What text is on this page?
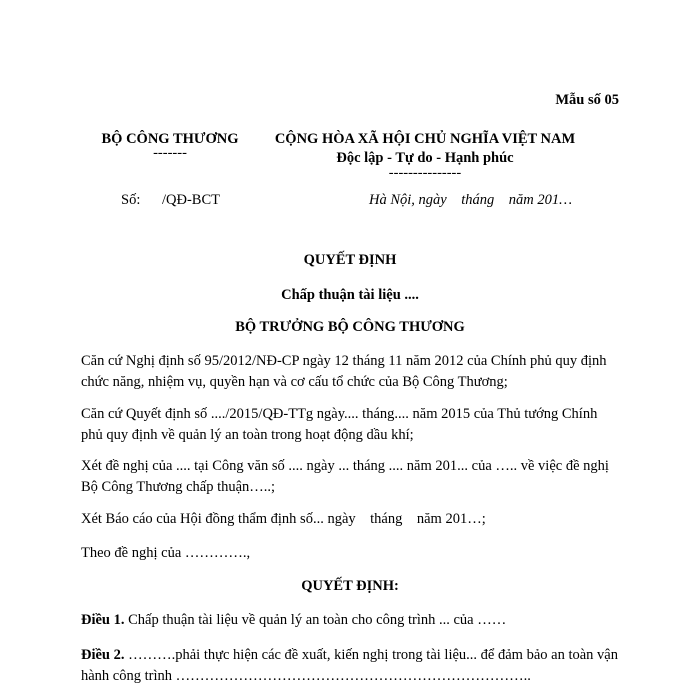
Mẫu số 05
BỘ CÔNG THƯƠNG
-------
CỘNG HÒA XÃ HỘI CHỦ NGHĨA VIỆT NAM
Độc lập - Tự do - Hạnh phúc
---------------
Số: /QĐ-BCT	Hà Nội, ngày    tháng    năm 201…
QUYẾT ĐỊNH
Chấp thuận tài liệu ....
BỘ TRƯỞNG BỘ CÔNG THƯƠNG
Căn cứ Nghị định số 95/2012/NĐ-CP ngày 12 tháng 11 năm 2012 của Chính phủ quy định chức năng, nhiệm vụ, quyền hạn và cơ cấu tổ chức của Bộ Công Thương;
Căn cứ Quyết định số ..../2015/QĐ-TTg ngày.... tháng.... năm 2015 của Thủ tướng Chính phủ quy định về quản lý an toàn trong hoạt động dầu khí;
Xét đề nghị của .... tại Công văn số .... ngày ... tháng .... năm 201... của ….. về việc đề nghị Bộ Công Thương chấp thuận…..;
Xét Báo cáo của Hội đồng thẩm định số... ngày    tháng    năm 201…;
Theo đề nghị của ………….,
QUYẾT ĐỊNH:
Điều 1. Chấp thuận tài liệu về quản lý an toàn cho công trình ... của ……
Điều 2. ……….phải thực hiện các đề xuất, kiến nghị trong tài liệu... để đảm bảo an toàn vận hành công trình ………………………………………………………………..
